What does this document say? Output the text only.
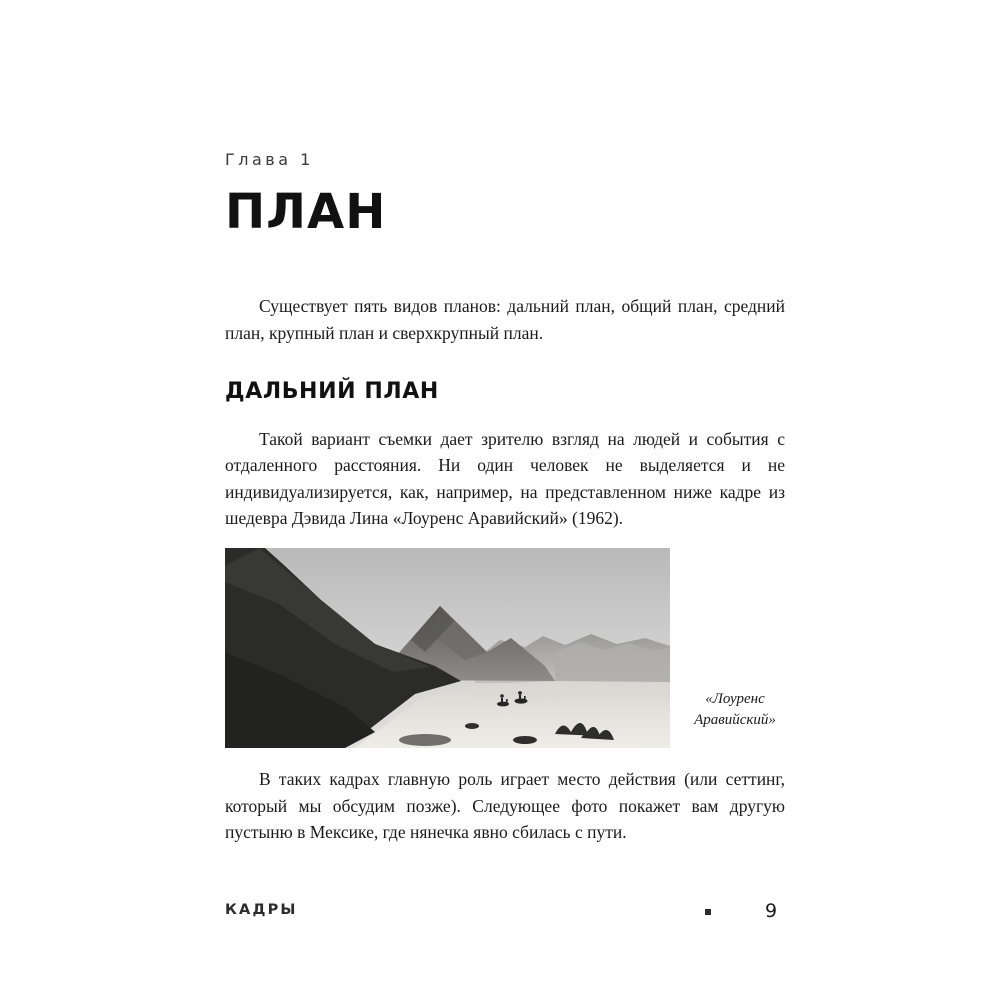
Глава 1
ПЛАН

Существует пять видов планов: дальний план, общий план, средний план, крупный план и сверхкрупный план.

ДАЛЬНИЙ ПЛАН

Такой вариант съемки дает зрителю взгляд на людей и события с отдаленного расстояния. Ни один человек не выделяется и не индивидуализируется, как, например, на представленном ниже кадре из шедевра Дэвида Лина «Лоуренс Аравийский» (1962).

«Лоуренс Аравийский»

В таких кадрах главную роль играет место действия (или сеттинг, который мы обсудим позже). Следующее фото покажет вам другую пустыню в Мексике, где нянечка явно сбилась с пути.

КАДРЫ	9
